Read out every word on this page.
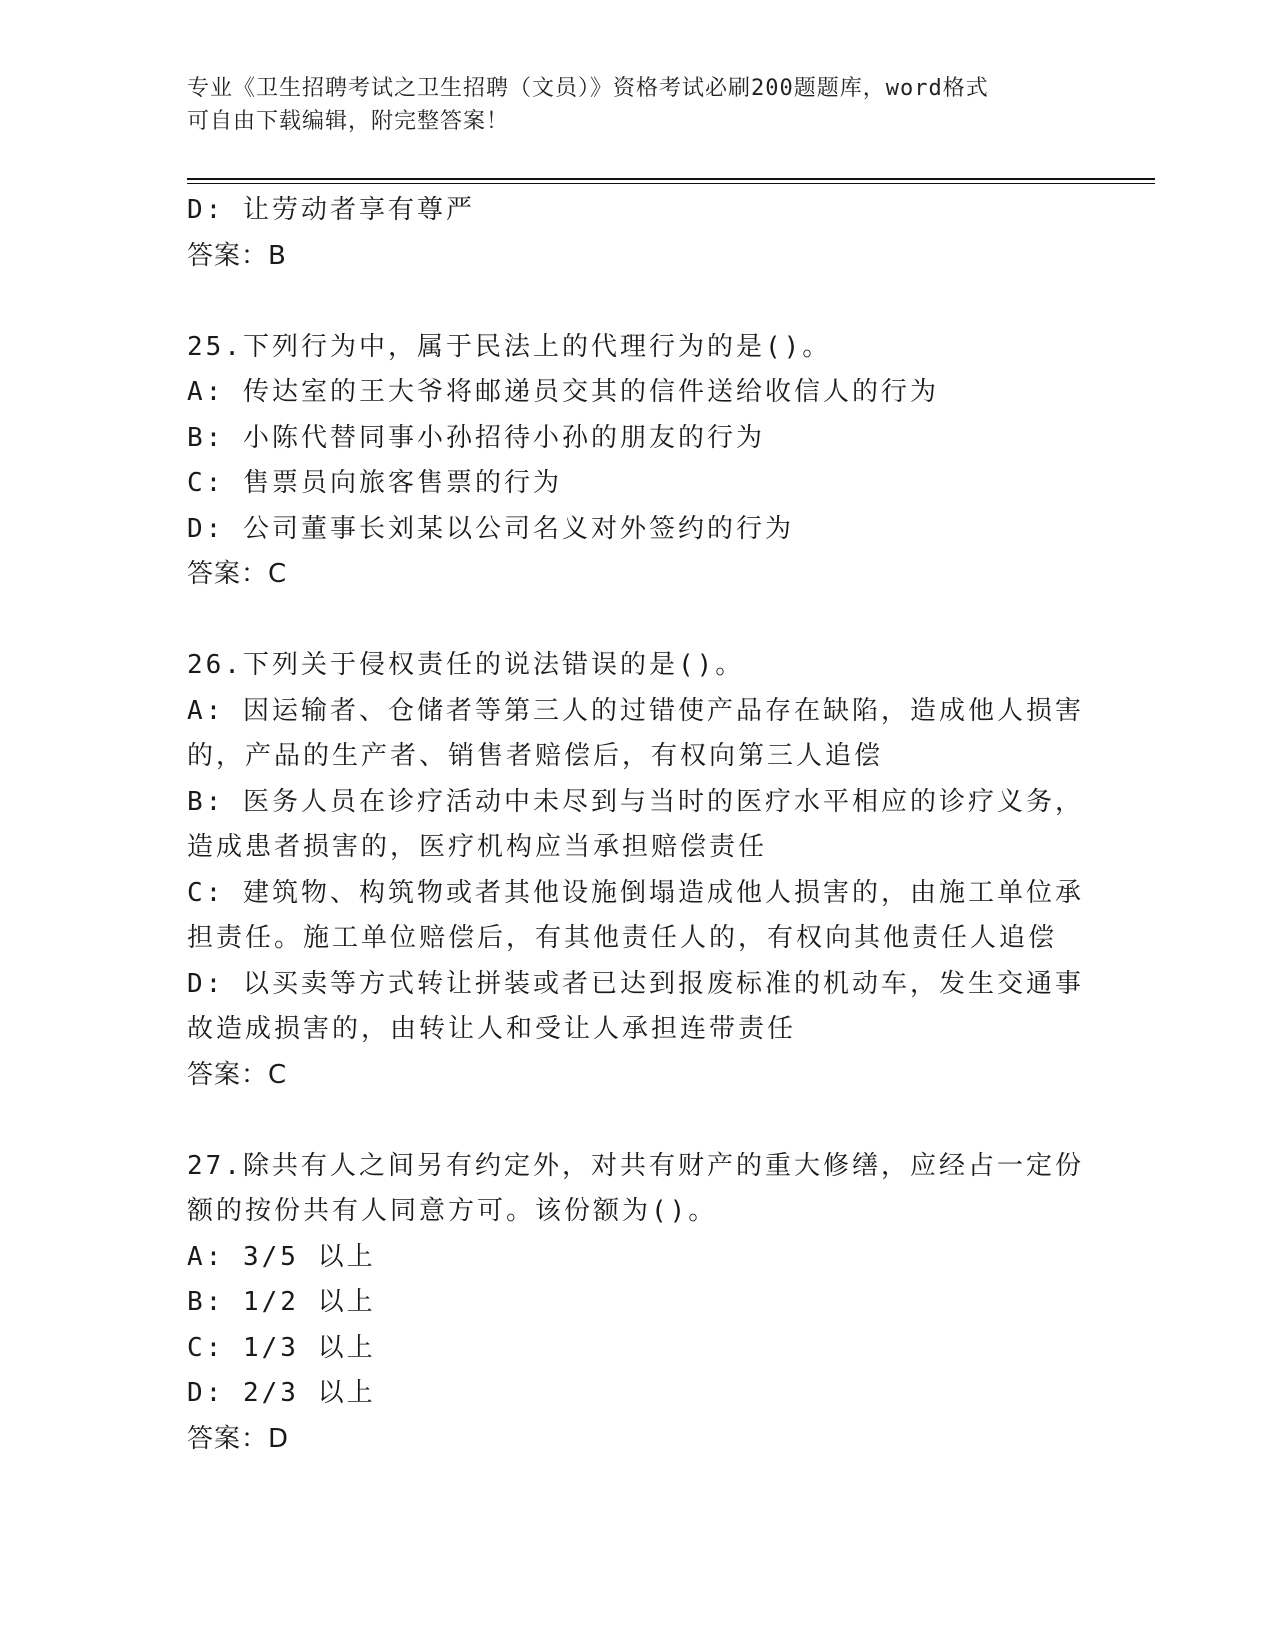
专业《卫生招聘考试之卫生招聘（文员）》资格考试必刷200题题库，word格式
可自由下载编辑，附完整答案！
D: 让劳动者享有尊严
答案：B
25.下列行为中，属于民法上的代理行为的是()。
A: 传达室的王大爷将邮递员交其的信件送给收信人的行为
B: 小陈代替同事小孙招待小孙的朋友的行为
C: 售票员向旅客售票的行为
D: 公司董事长刘某以公司名义对外签约的行为
答案：C
26.下列关于侵权责任的说法错误的是()。
A: 因运输者、仓储者等第三人的过错使产品存在缺陷，造成他人损害
的，产品的生产者、销售者赔偿后，有权向第三人追偿
B: 医务人员在诊疗活动中未尽到与当时的医疗水平相应的诊疗义务，
造成患者损害的，医疗机构应当承担赔偿责任
C: 建筑物、构筑物或者其他设施倒塌造成他人损害的，由施工单位承
担责任。施工单位赔偿后，有其他责任人的，有权向其他责任人追偿
D: 以买卖等方式转让拼装或者已达到报废标准的机动车，发生交通事
故造成损害的，由转让人和受让人承担连带责任
答案：C
27.除共有人之间另有约定外，对共有财产的重大修缮，应经占一定份
额的按份共有人同意方可。该份额为()。
A: 3/5 以上
B: 1/2 以上
C: 1/3 以上
D: 2/3 以上
答案：D
